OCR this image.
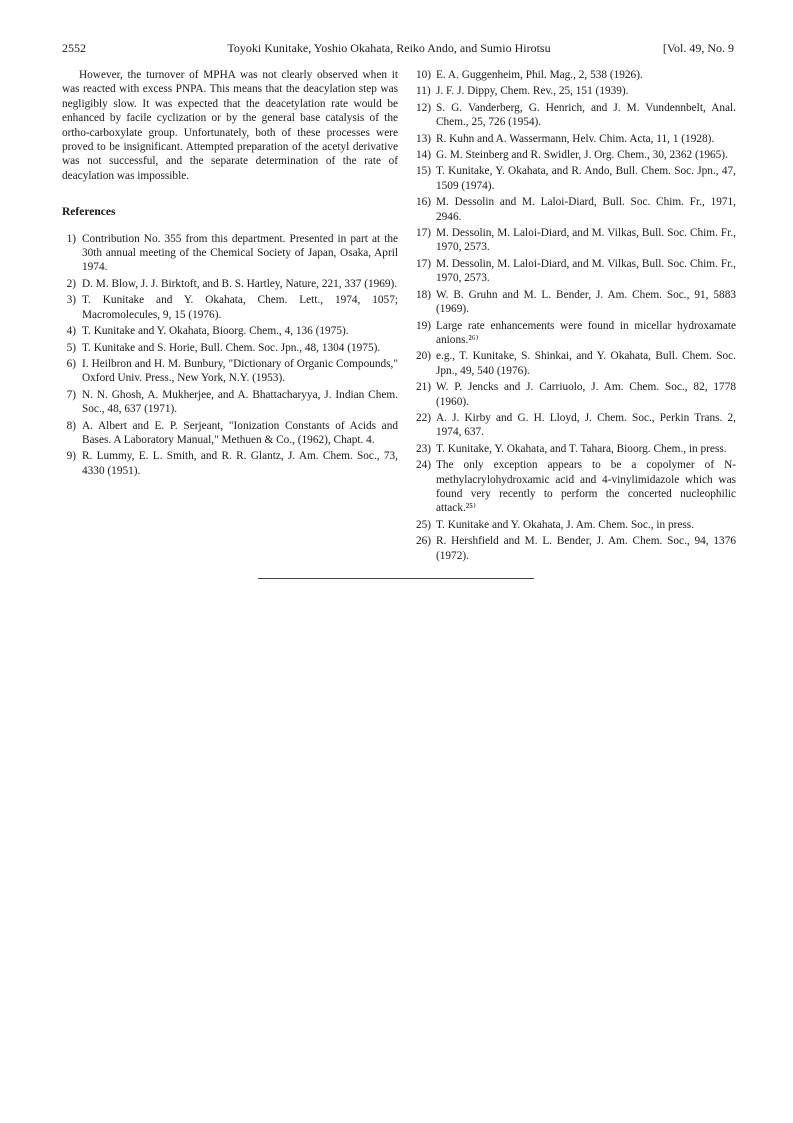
2552	Toyoki Kunitake, Yoshio Okahata, Reiko Ando, and Sumio Hirotsu	[Vol. 49, No. 9

However, the turnover of MPHA was not clearly observed when it was reacted with excess PNPA. This means that the deacylation step was negligibly slow. It was expected that the deacetylation rate would be enhanced by facile cyclization or by the general base catalysis of the ortho-carboxylate group. Unfortunately, both of these processes were proved to be insignificant. Attempted preparation of the acetyl derivative was not successful, and the separate determination of the rate of deacylation was impossible.

References
1) Contribution No. 355 from this department. Presented in part at the 30th annual meeting of the Chemical Society of Japan, Osaka, April 1974.
2) D. M. Blow, J. J. Birktoft, and B. S. Hartley, Nature, 221, 337 (1969).
3) T. Kunitake and Y. Okahata, Chem. Lett., 1974, 1057; Macromolecules, 9, 15 (1976).
4) T. Kunitake and Y. Okahata, Bioorg. Chem., 4, 136 (1975).
5) T. Kunitake and S. Horie, Bull. Chem. Soc. Jpn., 48, 1304 (1975).
6) I. Heilbron and H. M. Bunbury, "Dictionary of Organic Compounds," Oxford Univ. Press., New York, N.Y. (1953).
7) N. N. Ghosh, A. Mukherjee, and A. Bhattacharyya, J. Indian Chem. Soc., 48, 637 (1971).
8) A. Albert and E. P. Serjeant, "Ionization Constants of Acids and Bases. A Laboratory Manual," Methuen & Co., (1962), Chapt. 4.
9) R. Lummy, E. L. Smith, and R. R. Glantz, J. Am. Chem. Soc., 73, 4330 (1951).
10) E. A. Guggenheim, Phil. Mag., 2, 538 (1926).
11) J. F. J. Dippy, Chem. Rev., 25, 151 (1939).
12) S. G. Vanderberg, G. Henrich, and J. M. Vundennbelt, Anal. Chem., 25, 726 (1954).
13) R. Kuhn and A. Wassermann, Helv. Chim. Acta, 11, 1 (1928).
14) G. M. Steinberg and R. Swidler, J. Org. Chem., 30, 2362 (1965).
15) T. Kunitake, Y. Okahata, and R. Ando, Bull. Chem. Soc. Jpn., 47, 1509 (1974).
16) M. Dessolin and M. Laloi-Diard, Bull. Soc. Chim. Fr., 1971, 2946.
17) M. Dessolin, M. Laloi-Diard, and M. Vilkas, Bull. Soc. Chim. Fr., 1970, 2573.
17) M. Dessolin, M. Laloi-Diard, and M. Vilkas, Bull. Soc. Chim. Fr., 1970, 2573.
18) W. B. Gruhn and M. L. Bender, J. Am. Chem. Soc., 91, 5883 (1969).
19) Large rate enhancements were found in micellar hydroxamate anions.²⁶⁾
20) e.g., T. Kunitake, S. Shinkai, and Y. Okahata, Bull. Chem. Soc. Jpn., 49, 540 (1976).
21) W. P. Jencks and J. Carriuolo, J. Am. Chem. Soc., 82, 1778 (1960).
22) A. J. Kirby and G. H. Lloyd, J. Chem. Soc., Perkin Trans. 2, 1974, 637.
23) T. Kunitake, Y. Okahata, and T. Tahara, Bioorg. Chem., in press.
24) The only exception appears to be a copolymer of N-methylacrylohydroxamic acid and 4-vinylimidazole which was found very recently to perform the concerted nucleophilic attack.²⁵⁾
25) T. Kunitake and Y. Okahata, J. Am. Chem. Soc., in press.
26) R. Hershfield and M. L. Bender, J. Am. Chem. Soc., 94, 1376 (1972).
